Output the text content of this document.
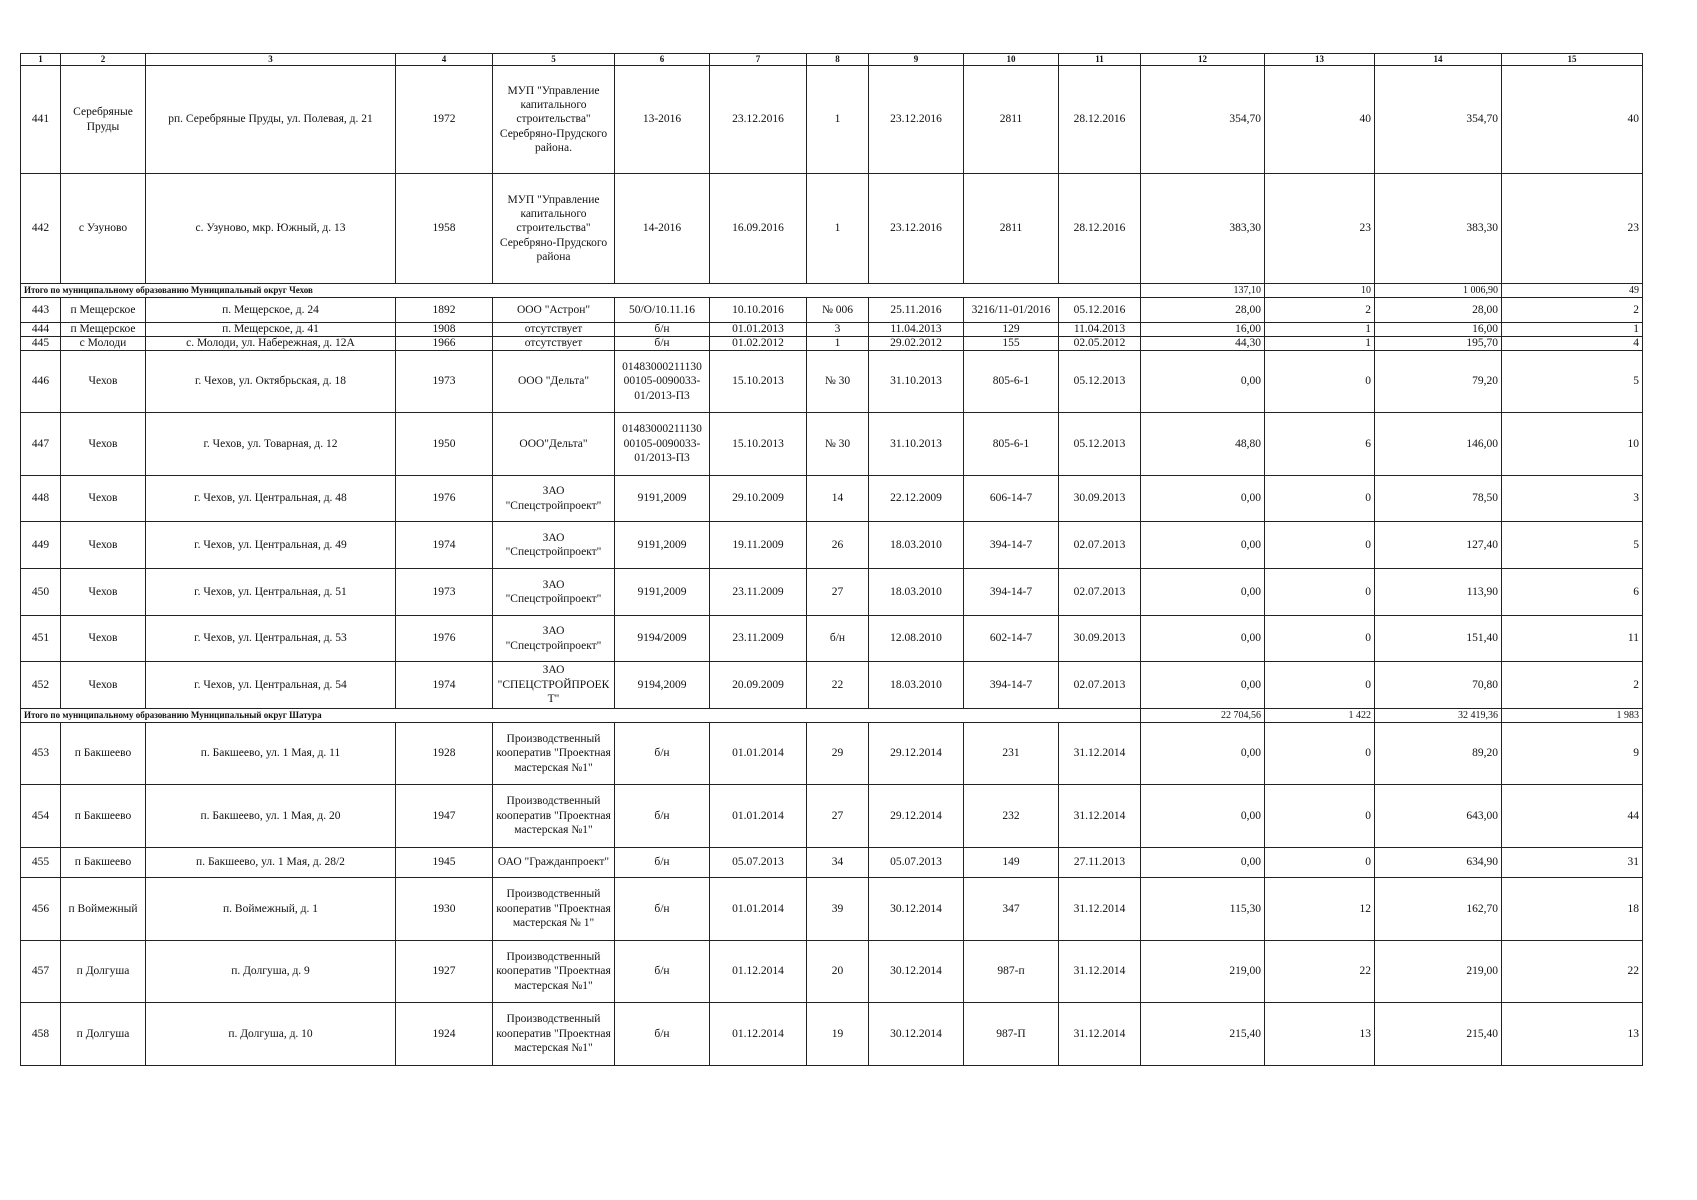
1	2	3	4	5	6	7	8	9	10	11	12	13	14	15
441	Серебряные Пруды	рп. Серебряные Пруды, ул. Полевая, д. 21	1972	МУП "Управление капитального строительства" Серебряно-Прудского района.	13-2016	23.12.2016	1	23.12.2016	2811	28.12.2016	354,70	40	354,70	40
442	с Узуново	с. Узуново, мкр. Южный, д. 13	1958	МУП "Управление капитального строительства" Серебряно-Прудского района	14-2016	16.09.2016	1	23.12.2016	2811	28.12.2016	383,30	23	383,30	23
Итого по муниципальному образованию Муниципальный округ Чехов											137,10	10	1 006,90	49
443	п Мещерское	п. Мещерское, д. 24	1892	ООО "Астрон"	50/О/10.11.16	10.10.2016	№ 006	25.11.2016	3216/11-01/2016	05.12.2016	28,00	2	28,00	2
444	п Мещерское	п. Мещерское, д. 41	1908	отсутствует	б/н	01.01.2013	3	11.04.2013	129	11.04.2013	16,00	1	16,00	1
445	с Молоди	с. Молоди, ул. Набережная, д. 12А	1966	отсутствует	б/н	01.02.2012	1	29.02.2012	155	02.05.2012	44,30	1	195,70	4
446	Чехов	г. Чехов, ул. Октябрьская, д. 18	1973	ООО "Дельта"	01483000211130 00105-0090033-01/2013-П3	15.10.2013	№ 30	31.10.2013	805-6-1	05.12.2013	0,00	0	79,20	5
447	Чехов	г. Чехов, ул. Товарная, д. 12	1950	ООО"Дельта"	01483000211130 00105-0090033-01/2013-П3	15.10.2013	№ 30	31.10.2013	805-6-1	05.12.2013	48,80	6	146,00	10
448	Чехов	г. Чехов, ул. Центральная, д. 48	1976	ЗАО "Спецстройпроект"	9191,2009	29.10.2009	14	22.12.2009	606-14-7	30.09.2013	0,00	0	78,50	3
449	Чехов	г. Чехов, ул. Центральная, д. 49	1974	ЗАО "Спецстройпроект"	9191,2009	19.11.2009	26	18.03.2010	394-14-7	02.07.2013	0,00	0	127,40	5
450	Чехов	г. Чехов, ул. Центральная, д. 51	1973	ЗАО "Спецстройпроект"	9191,2009	23.11.2009	27	18.03.2010	394-14-7	02.07.2013	0,00	0	113,90	6
451	Чехов	г. Чехов, ул. Центральная, д. 53	1976	ЗАО "Спецстройпроект"	9194/2009	23.11.2009	б/н	12.08.2010	602-14-7	30.09.2013	0,00	0	151,40	11
452	Чехов	г. Чехов, ул. Центральная, д. 54	1974	ЗАО "СПЕЦСТРОЙПРОЕКТ"	9194,2009	20.09.2009	22	18.03.2010	394-14-7	02.07.2013	0,00	0	70,80	2
Итого по муниципальному образованию Муниципальный округ Шатура											22 704,56	1 422	32 419,36	1 983
453	п Бакшеево	п. Бакшеево, ул. 1 Мая, д. 11	1928	Производственный кооператив "Проектная мастерская №1"	б/н	01.01.2014	29	29.12.2014	231	31.12.2014	0,00	0	89,20	9
454	п Бакшеево	п. Бакшеево, ул. 1 Мая, д. 20	1947	Производственный кооператив "Проектная мастерская №1"	б/н	01.01.2014	27	29.12.2014	232	31.12.2014	0,00	0	643,00	44
455	п Бакшеево	п. Бакшеево, ул. 1 Мая, д. 28/2	1945	ОАО "Гражданпроект"	б/н	05.07.2013	34	05.07.2013	149	27.11.2013	0,00	0	634,90	31
456	п Воймежный	п. Воймежный, д. 1	1930	Производственный кооператив "Проектная мастерская № 1"	б/н	01.01.2014	39	30.12.2014	347	31.12.2014	115,30	12	162,70	18
457	п Долгуша	п. Долгуша, д. 9	1927	Производственный кооператив "Проектная мастерская №1"	б/н	01.12.2014	20	30.12.2014	987-п	31.12.2014	219,00	22	219,00	22
458	п Долгуша	п. Долгуша, д. 10	1924	Производственный кооператив "Проектная мастерская №1"	б/н	01.12.2014	19	30.12.2014	987-П	31.12.2014	215,40	13	215,40	13
